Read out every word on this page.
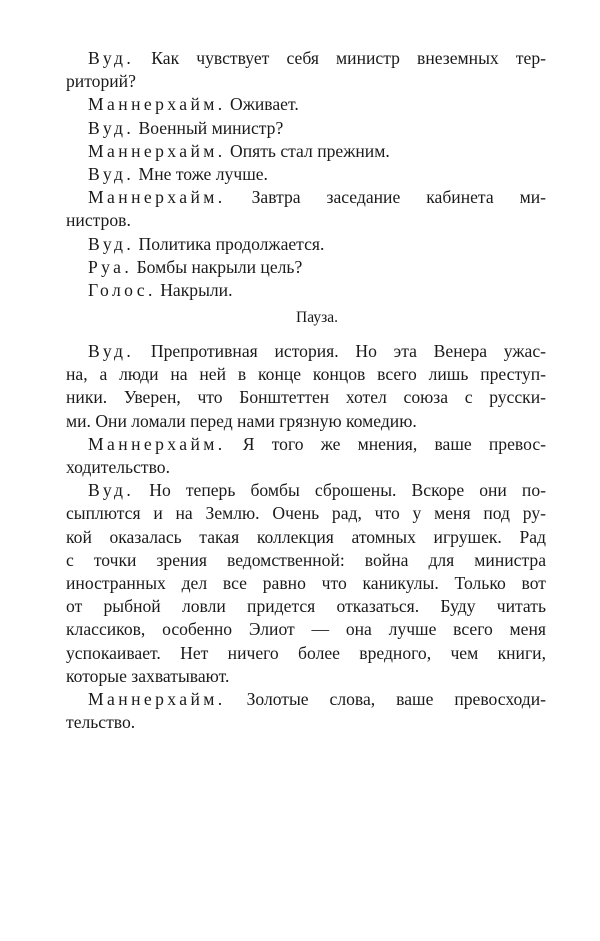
Вуд. Как чувствует себя министр внеземных тер-
риторий?
Маннерхайм. Оживает.
Вуд. Военный министр?
Маннерхайм. Опять стал прежним.
Вуд. Мне тоже лучше.
Маннерхайм. Завтра заседание кабинета ми-
нистров.
Вуд. Политика продолжается.
Руа. Бомбы накрыли цель?
Голос. Накрыли.
Пауза.
Вуд. Препротивная история. Но эта Венера ужас-
на, а люди на ней в конце концов всего лишь преступ-
ники. Уверен, что Бонштеттен хотел союза с русски-
ми. Они ломали перед нами грязную комедию.
Маннерхайм. Я того же мнения, ваше превос-
ходительство.
Вуд. Но теперь бомбы сброшены. Вскоре они по-
сыплются и на Землю. Очень рад, что у меня под ру-
кой оказалась такая коллекция атомных игрушек. Рад
с точки зрения ведомственной: война для министра
иностранных дел все равно что каникулы. Только вот
от рыбной ловли придется отказаться. Буду читать
классиков, особенно Элиот — она лучше всего меня
успокаивает. Нет ничего более вредного, чем книги,
которые захватывают.
Маннерхайм. Золотые слова, ваше превосходи-
тельство.
